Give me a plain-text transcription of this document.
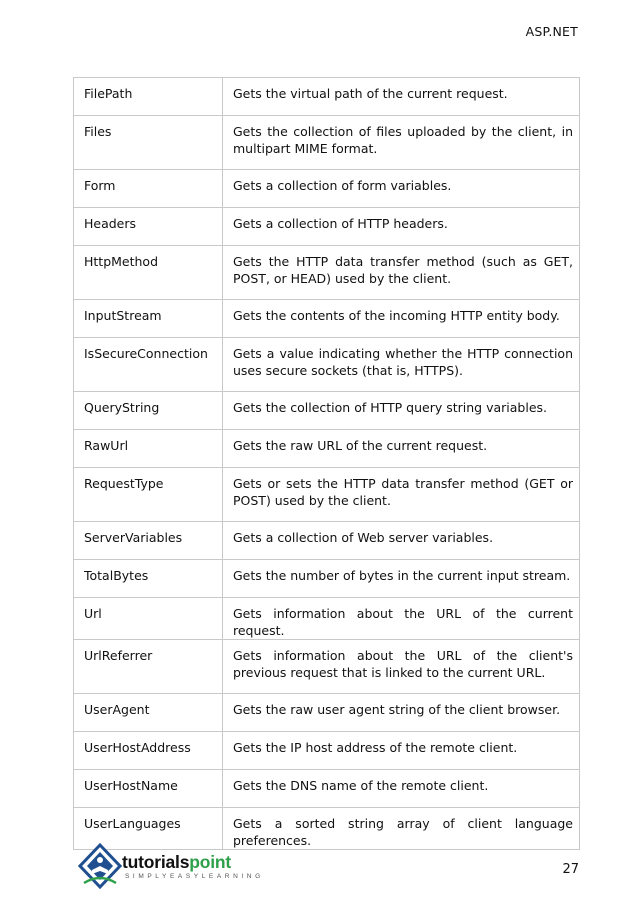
ASP.NET
FilePath	Gets the virtual path of the current request.
Files	Gets the collection of files uploaded by the client, in multipart MIME format.
Form	Gets a collection of form variables.
Headers	Gets a collection of HTTP headers.
HttpMethod	Gets the HTTP data transfer method (such as GET, POST, or HEAD) used by the client.
InputStream	Gets the contents of the incoming HTTP entity body.
IsSecureConnection	Gets a value indicating whether the HTTP connection uses secure sockets (that is, HTTPS).
QueryString	Gets the collection of HTTP query string variables.
RawUrl	Gets the raw URL of the current request.
RequestType	Gets or sets the HTTP data transfer method (GET or POST) used by the client.
ServerVariables	Gets a collection of Web server variables.
TotalBytes	Gets the number of bytes in the current input stream.
Url	Gets information about the URL of the current request.
UrlReferrer	Gets information about the URL of the client's previous request that is linked to the current URL.
UserAgent	Gets the raw user agent string of the client browser.
UserHostAddress	Gets the IP host address of the remote client.
UserHostName	Gets the DNS name of the remote client.
UserLanguages	Gets a sorted string array of client language preferences.
tutorialspoint
SIMPLYEASYLEARNING	27
